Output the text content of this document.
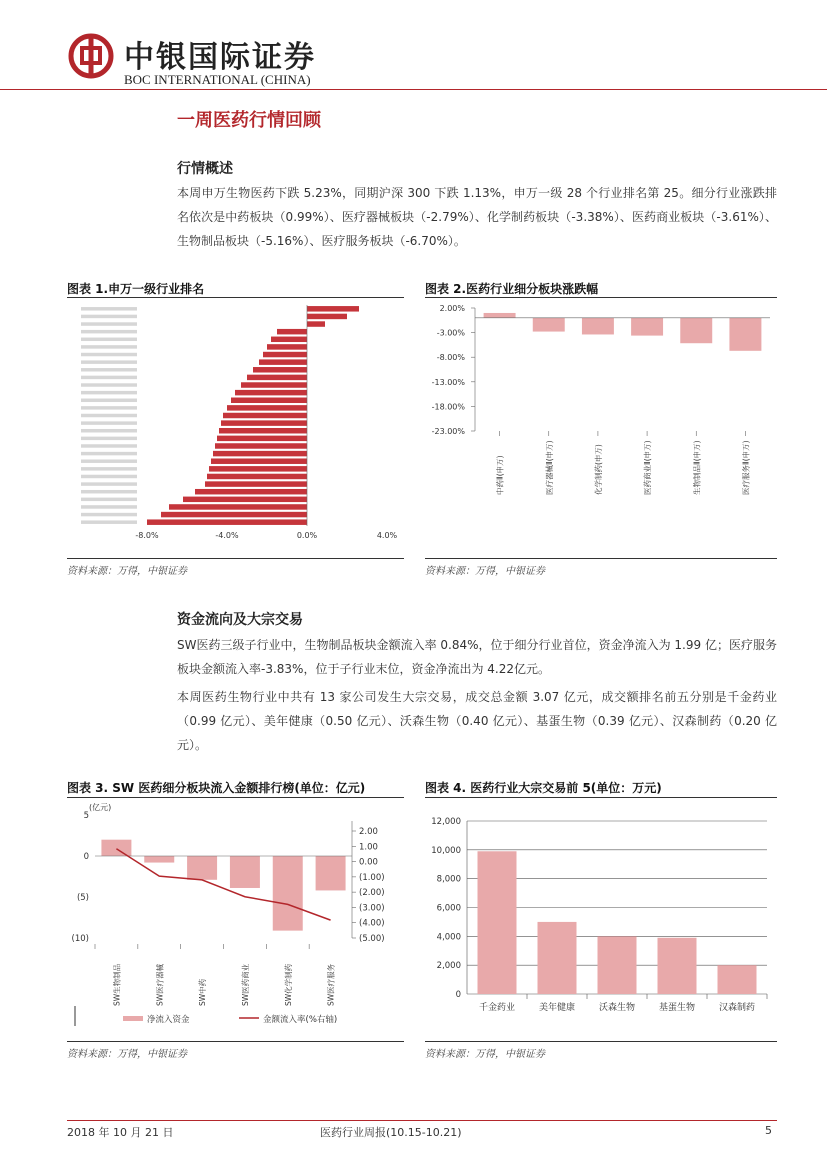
中银国际证券
BOC INTERNATIONAL (CHINA)
一周医药行情回顾
行情概述
本周申万生物医药下跌 5.23%，同期沪深 300 下跌 1.13%，申万一级 28 个行业排名第 25。细分行业涨跌排名依次是中药板块（0.99%）、医疗器械板块（-2.79%）、化学制药板块（-3.38%）、医药商业板块（-3.61%）、生物制品板块（-5.16%）、医疗服务板块（-6.70%）。
图表 1.申万一级行业排名
-8.0%	-4.0%	0.0%	4.0%
资料来源：万得，中银证券
图表 2.医药行业细分板块涨跌幅
2.00%
-3.00%
-8.00%
-13.00%
-18.00%
-23.00%
中药Ⅱ(申万)	医疗器械Ⅱ(申万)	化学制药(申万)	医药商业Ⅱ(申万)	生物制品Ⅱ(申万)	医疗服务Ⅱ(申万)
资料来源：万得，中银证券
资金流向及大宗交易
SW医药三级子行业中，生物制品板块金额流入率 0.84%，位于细分行业首位，资金净流入为 1.99 亿；医疗服务板块金额流入率-3.83%，位于子行业末位，资金净流出为 4.22亿元。
本周医药生物行业中共有 13 家公司发生大宗交易，成交总金额 3.07 亿元，成交额排名前五分别是千金药业（0.99 亿元）、美年健康（0.50 亿元）、沃森生物（0.40 亿元）、基蛋生物（0.39 亿元）、汉森制药（0.20 亿元）。
图表 3. SW 医药细分板块流入金额排行榜(单位：亿元)
(亿元)
5
0
(5)
(10)
2.00
1.00
0.00
(1.00)
(2.00)
(3.00)
(4.00)
(5.00)
SW生物制品	SW医疗器械	SW中药	SW医药商业	SW化学制药	SW医疗服务
净流入资金	金额流入率(%右轴)
资料来源：万得，中银证券
图表 4. 医药行业大宗交易前 5(单位：万元)
12,000
10,000
8,000
6,000
4,000
2,000
0
千金药业	美年健康	沃森生物	基蛋生物	汉森制药
资料来源：万得，中银证券
2018 年 10 月 21 日	医药行业周报(10.15-10.21)	5
